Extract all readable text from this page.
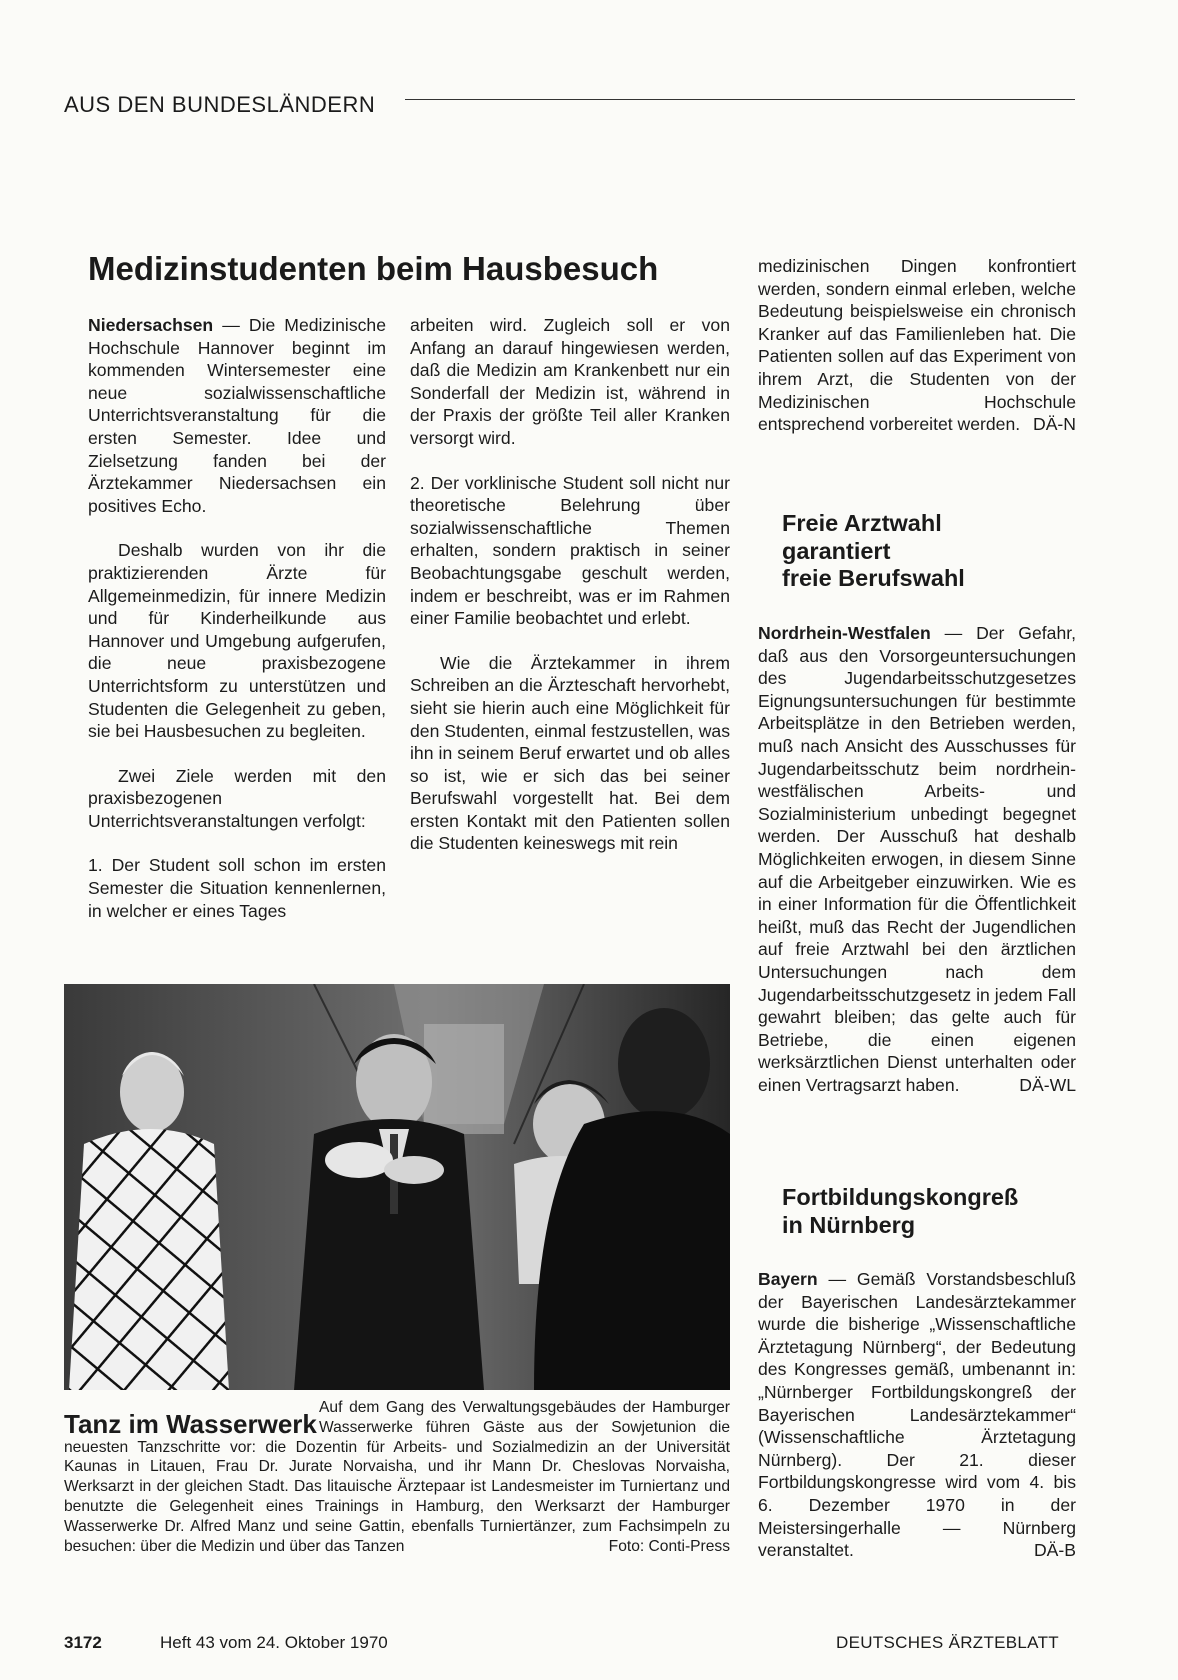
AUS DEN BUNDESLÄNDERN
Medizinstudenten beim Hausbesuch

Niedersachsen — Die Medizinische Hochschule Hannover beginnt im kommenden Wintersemester eine neue sozialwissenschaftliche Unterrichtsveranstaltung für die ersten Semester. Idee und Zielsetzung fanden bei der Ärztekammer Niedersachsen ein positives Echo.

Deshalb wurden von ihr die praktizierenden Ärzte für Allgemeinmedizin, für innere Medizin und für Kinderheilkunde aus Hannover und Umgebung aufgerufen, die neue praxisbezogene Unterrichtsform zu unterstützen und Studenten die Gelegenheit zu geben, sie bei Hausbesuchen zu begleiten.

Zwei Ziele werden mit den praxisbezogenen Unterrichtsveranstaltungen verfolgt:

1. Der Student soll schon im ersten Semester die Situation kennenlernen, in welcher er eines Tages

arbeiten wird. Zugleich soll er von Anfang an darauf hingewiesen werden, daß die Medizin am Krankenbett nur ein Sonderfall der Medizin ist, während in der Praxis der größte Teil aller Kranken versorgt wird.

2. Der vorklinische Student soll nicht nur theoretische Belehrung über sozialwissenschaftliche Themen erhalten, sondern praktisch in seiner Beobachtungsgabe geschult werden, indem er beschreibt, was er im Rahmen einer Familie beobachtet und erlebt.

Wie die Ärztekammer in ihrem Schreiben an die Ärzteschaft hervorhebt, sieht sie hierin auch eine Möglichkeit für den Studenten, einmal festzustellen, was ihn in seinem Beruf erwartet und ob alles so ist, wie er sich das bei seiner Berufswahl vorgestellt hat. Bei dem ersten Kontakt mit den Patienten sollen die Studenten keineswegs mit rein

medizinischen Dingen konfrontiert werden, sondern einmal erleben, welche Bedeutung beispielsweise ein chronisch Kranker auf das Familienleben hat. Die Patienten sollen auf das Experiment von ihrem Arzt, die Studenten von der Medizinischen Hochschule entsprechend vorbereitet werden. DÄ-N

Freie Arztwahl
garantiert
freie Berufswahl

Nordrhein-Westfalen — Der Gefahr, daß aus den Vorsorgeuntersuchungen des Jugendarbeitsschutzgesetzes Eignungsuntersuchungen für bestimmte Arbeitsplätze in den Betrieben werden, muß nach Ansicht des Ausschusses für Jugendarbeitsschutz beim nordrhein-westfälischen Arbeits- und Sozialministerium unbedingt begegnet werden. Der Ausschuß hat deshalb Möglichkeiten erwogen, in diesem Sinne auf die Arbeitgeber einzuwirken. Wie es in einer Information für die Öffentlichkeit heißt, muß das Recht der Jugendlichen auf freie Arztwahl bei den ärztlichen Untersuchungen nach dem Jugendarbeitsschutzgesetz in jedem Fall gewahrt bleiben; das gelte auch für Betriebe, die einen eigenen werksärztlichen Dienst unterhalten oder einen Vertragsarzt haben.	DÄ-WL

Fortbildungskongreß
in Nürnberg

Bayern — Gemäß Vorstandsbeschluß der Bayerischen Landesärztekammer wurde die bisherige „Wissenschaftliche Ärztetagung Nürnberg“, der Bedeutung des Kongresses gemäß, umbenannt in: „Nürnberger Fortbildungskongreß der Bayerischen Landesärztekammer“ (Wissenschaftliche Ärztetagung Nürnberg). Der 21. dieser Fortbildungskongresse wird vom 4. bis 6. Dezember 1970 in der Meistersingerhalle — Nürnberg veranstaltet.	DÄ-B

Auf dem Gang des Verwaltungsgebäudes der Hamburger Wasserwerke führen Gäste aus der Sowjetunion die neuesten Tanzschritte vor: die Dozentin für Arbeits- und Sozialmedizin an der Universität Kaunas in Litauen, Frau Dr. Jurate Norvaisha, und ihr Mann Dr. Cheslovas Norvaisha, Werksarzt in der gleichen Stadt. Das litauische Ärztepaar ist Landesmeister im Turniertanz und benutzte die Gelegenheit eines Trainings in Hamburg, den Werksarzt der Hamburger Wasserwerke Dr. Alfred Manz und seine Gattin, ebenfalls Turniertänzer, zum Fachsimpeln zu besuchen: über die Medizin und über das Tanzen	Foto: Conti-Press
Tanz im Wasserwerk
3172	Heft 43 vom 24. Oktober 1970	DEUTSCHES ÄRZTEBLATT
